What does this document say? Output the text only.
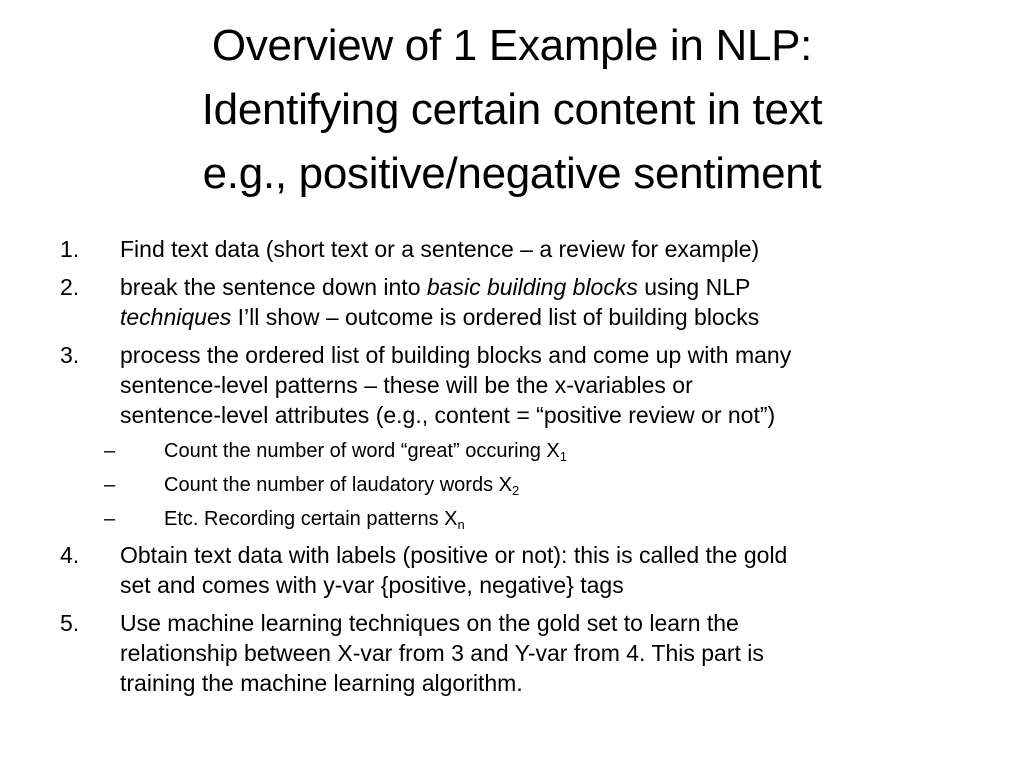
Overview of 1 Example in NLP:
Identifying certain content in text
e.g., positive/negative sentiment
1.	Find text data (short text or a sentence – a review for example)
2.	break the sentence down into basic building blocks using NLP
techniques I’ll show – outcome is ordered list of building blocks
3.	process the ordered list of building blocks and come up with many
sentence-level patterns – these will be the x-variables or
sentence-level attributes (e.g., content = “positive review or not”)
–	Count the number of word “great” occuring $X_1$
–	Count the number of laudatory words $X_2$
–	Etc. Recording certain patterns $X_n$
4.	Obtain text data with labels (positive or not): this is called the gold
set and comes with y-var {positive, negative} tags
5.	Use machine learning techniques on the gold set to learn the
relationship between X-var from 3 and Y-var from 4. This part is
training the machine learning algorithm.
